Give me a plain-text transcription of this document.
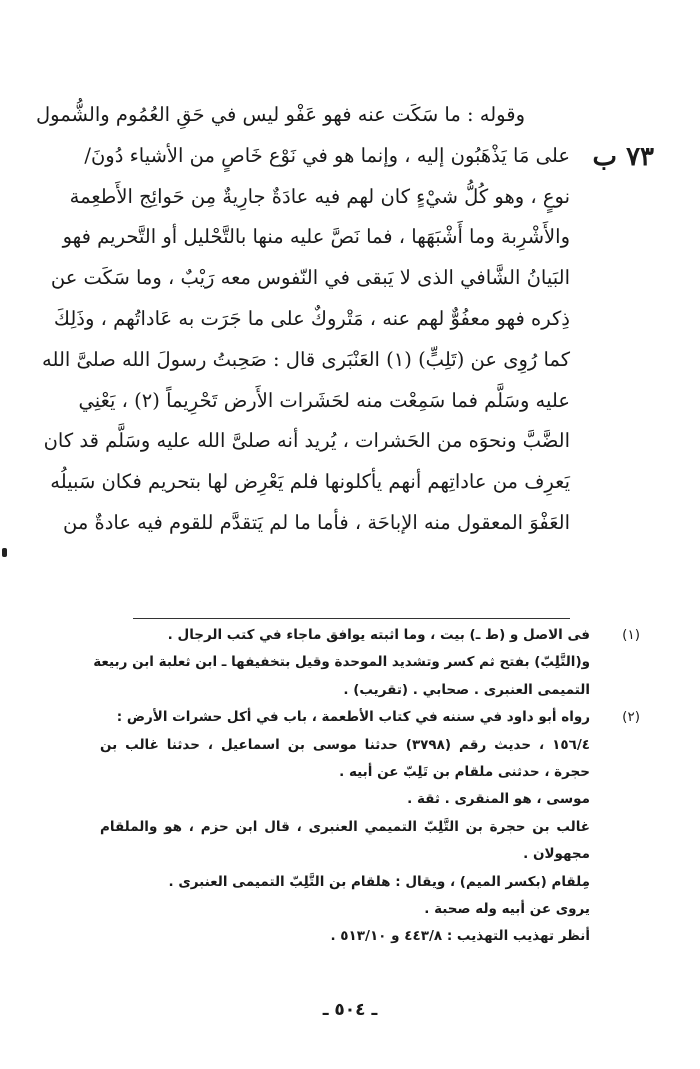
٧٣ ب
وقوله : ما سَكَت عنه فهو عَفْو ليس في حَقِ العُمُوم والشُّمول
على مَا يَذْهَبُون إليه ، وإنما هو في نَوْع خَاصٍ من الأشياء دُونَ/
نوعٍ ، وهو كُلُّ شيْءٍ كان لهم فيه عادَةٌ جارِيةٌ مِن حَوائِج الأَطعِمة
والأَشْرِبة وما أَشْبَهَها ، فما نَصَّ عليه منها بالتَّحْليل أو التَّحريم فهو
البَيانُ الشَّافي الذى لا يَبقى في النّفوس معه رَيْبٌ ، وما سَكَت عن
ذِكره فهو معفُوٌّ لهم عنه ، مَتْروكٌ على ما جَرَت به عَاداتُهم ، وذَلِكَ
كما رُوِى عن (تَلِبٍّ) (١) العَنْبَرى قال : صَحِبتُ رسولَ الله صلىَّ الله
عليه وسَلَّم فما سَمِعْت منه لحَشَرات الأَرض تَحْرِيماً (٢) ، يَعْنِي
الضَّبَّ ونحوَه من الحَشرات ، يُريد أنه صلىَّ الله عليه وسَلَّم قد كان
يَعرِف من عاداتِهم أنهم يأكلونها فلم يَعْرِض لها بتحريم فكان سَبيلُه
العَفْوَ المعقول منه الإباحَة ، فأما ما لم يَتقدَّم للقوم فيه عادةٌ من
(١)
فى الاصل و (ط ـ) بيت ، وما اثبته يوافق ماجاء في كتب الرجال .
و(التَّلِبّ) بفتح ثم كسر وتشديد الموحدة وقيل بتخفيفها ـ ابن ثعلبة ابن ربيعة
التميمى العنبرى . صحابي . (تقريب) .
(٢)
رواه أبو داود في سننه في كتاب الأطعمة ، باب في أكل حشرات الأرض :
١٥٦/٤ ، حديث رقم (٣٧٩٨) حدثنا موسى بن اسماعيل ، حدثنا غالب بن
حجرة ، حدثنى ملقام بن تَلِبّ عن أبيه .
موسى ، هو المنقرى . ثقة .
غالب بن حجرة بن التَّلِبّ التميمي العنبرى ، قال ابن حزم ، هو والملقام
مجهولان .
مِلقام (بكسر الميم) ، ويقال : هلقام بن التَّلِبّ التميمى العنبرى .
يروى عن أبيه وله صحبة .
أنظر تهذيب التهذيب : ٤٤٣/٨ و ٥١٣/١٠ .
ـ ٥٠٤ ـ
